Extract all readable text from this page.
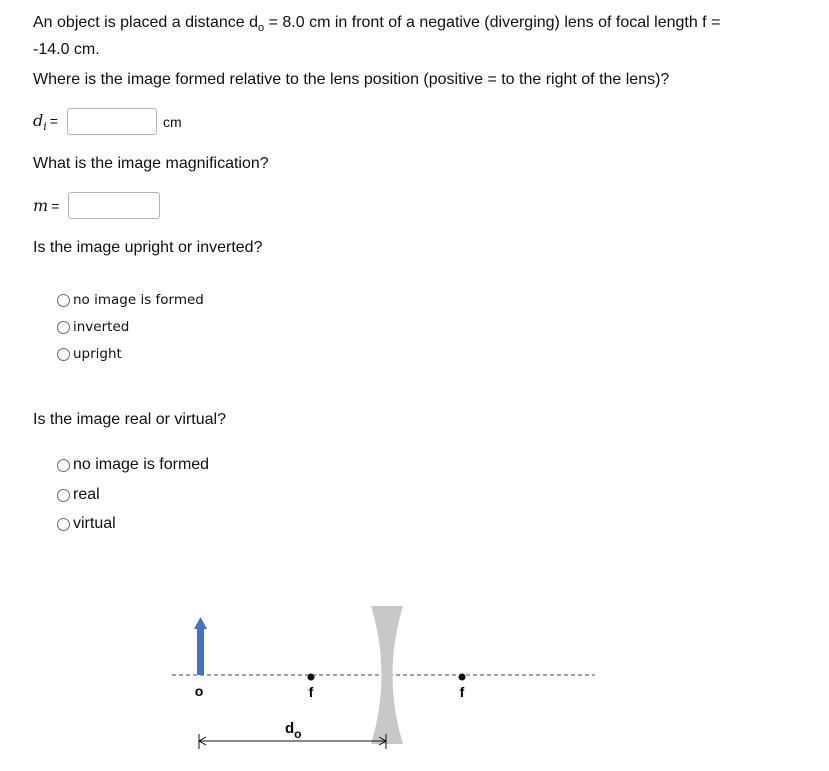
An object is placed a distance $d_o = 8.0$ cm in front of a negative (diverging) lens of focal length f =
-14.0 cm.
Where is the image formed relative to the lens position (positive = to the right of the lens)?
$d_i$ =	cm
What is the image magnification?
m =
Is the image upright or inverted?
no image is formed
inverted
upright
Is the image real or virtual?
no image is formed
real
virtual
o	f	f
$d_o$
